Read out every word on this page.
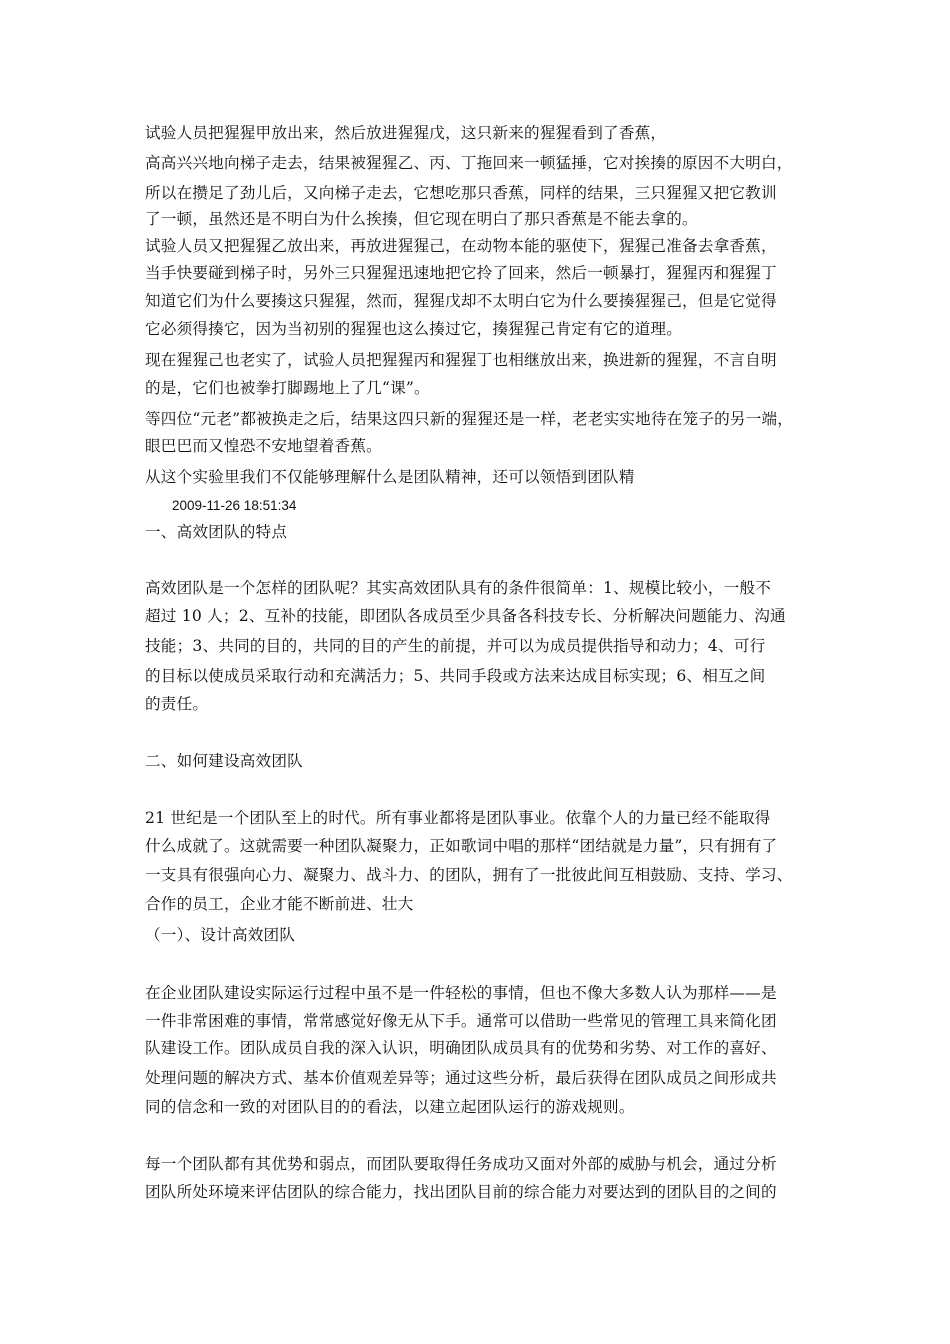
试验人员把猩猩甲放出来，然后放进猩猩戊，这只新来的猩猩看到了香蕉，
高高兴兴地向梯子走去，结果被猩猩乙、丙、丁拖回来一顿猛捶，它对挨揍的原因不大明白，
所以在攒足了劲儿后，又向梯子走去，它想吃那只香蕉，同样的结果，三只猩猩又把它教训
了一顿，虽然还是不明白为什么挨揍，但它现在明白了那只香蕉是不能去拿的。
试验人员又把猩猩乙放出来，再放进猩猩己，在动物本能的驱使下，猩猩己准备去拿香蕉，
当手快要碰到梯子时，另外三只猩猩迅速地把它拎了回来，然后一顿暴打，猩猩丙和猩猩丁
知道它们为什么要揍这只猩猩，然而，猩猩戊却不太明白它为什么要揍猩猩己，但是它觉得
它必须得揍它，因为当初别的猩猩也这么揍过它，揍猩猩己肯定有它的道理。
现在猩猩己也老实了，试验人员把猩猩丙和猩猩丁也相继放出来，换进新的猩猩，不言自明
的是，它们也被拳打脚踢地上了几“课”。
等四位“元老”都被换走之后，结果这四只新的猩猩还是一样，老老实实地待在笼子的另一端，
眼巴巴而又惶恐不安地望着香蕉。
从这个实验里我们不仅能够理解什么是团队精神，还可以领悟到团队精
2009-11-26 18:51:34
一、高效团队的特点
高效团队是一个怎样的团队呢？其实高效团队具有的条件很简单：1、规模比较小，一般不
超过 10 人；2、互补的技能，即团队各成员至少具备各科技专长、分析解决问题能力、沟通
技能；3、共同的目的，共同的目的产生的前提，并可以为成员提供指导和动力；4、可行
的目标以使成员采取行动和充满活力；5、共同手段或方法来达成目标实现；6、相互之间
的责任。
二、如何建设高效团队
21 世纪是一个团队至上的时代。所有事业都将是团队事业。依靠个人的力量已经不能取得
什么成就了。这就需要一种团队凝聚力，正如歌词中唱的那样“团结就是力量”，只有拥有了
一支具有很强向心力、凝聚力、战斗力、的团队，拥有了一批彼此间互相鼓励、支持、学习、
合作的员工，企业才能不断前进、壮大
（一）、设计高效团队
在企业团队建设实际运行过程中虽不是一件轻松的事情，但也不像大多数人认为那样——是
一件非常困难的事情，常常感觉好像无从下手。通常可以借助一些常见的管理工具来简化团
队建设工作。团队成员自我的深入认识，明确团队成员具有的优势和劣势、对工作的喜好、
处理问题的解决方式、基本价值观差异等；通过这些分析，最后获得在团队成员之间形成共
同的信念和一致的对团队目的的看法，以建立起团队运行的游戏规则。
每一个团队都有其优势和弱点，而团队要取得任务成功又面对外部的威胁与机会，通过分析
团队所处环境来评估团队的综合能力，找出团队目前的综合能力对要达到的团队目的之间的
